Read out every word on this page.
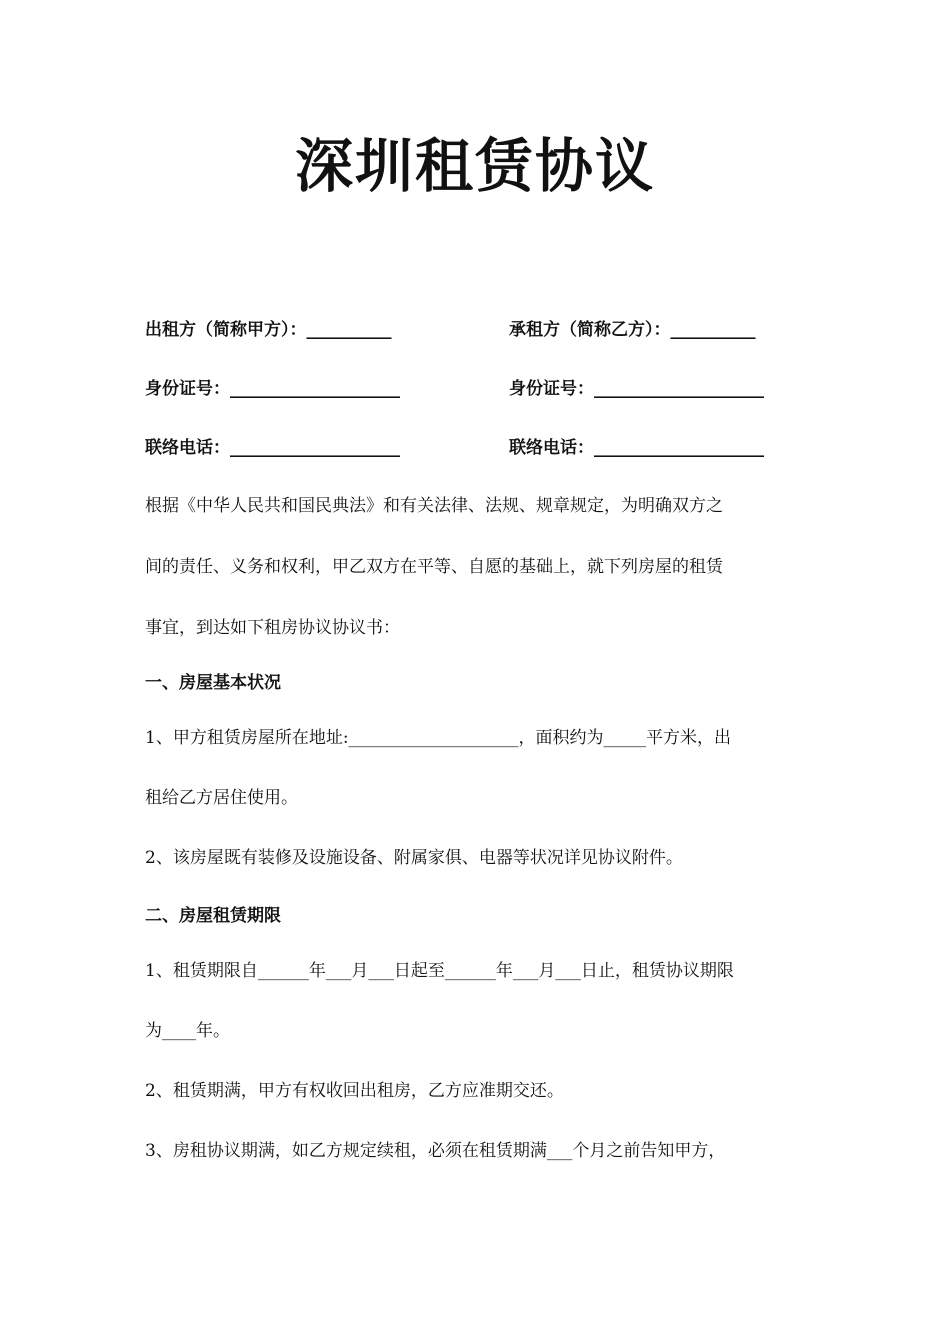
深圳租赁协议

出租方（简称甲方）：__________	承租方（简称乙方）：__________

身份证号：____________________	身份证号：____________________

联络电话：____________________	联络电话：____________________

根据《中华人民共和国民典法》和有关法律、法规、规章规定，为明确双方之

间的责任、义务和权利，甲乙双方在平等、自愿的基础上，就下列房屋的租赁

事宜，到达如下租房协议协议书：

一、房屋基本状况

1、甲方租赁房屋所在地址:____________________，面积约为_____平方米，出

租给乙方居住使用。

2、该房屋既有装修及设施设备、附属家俱、电器等状况详见协议附件。

二、房屋租赁期限

1、租赁期限自______年___月___日起至______年___月___日止，租赁协议期限

为____年。

2、租赁期满，甲方有权收回出租房，乙方应准期交还。

3、房租协议期满，如乙方规定续租，必须在租赁期满___个月之前告知甲方，
